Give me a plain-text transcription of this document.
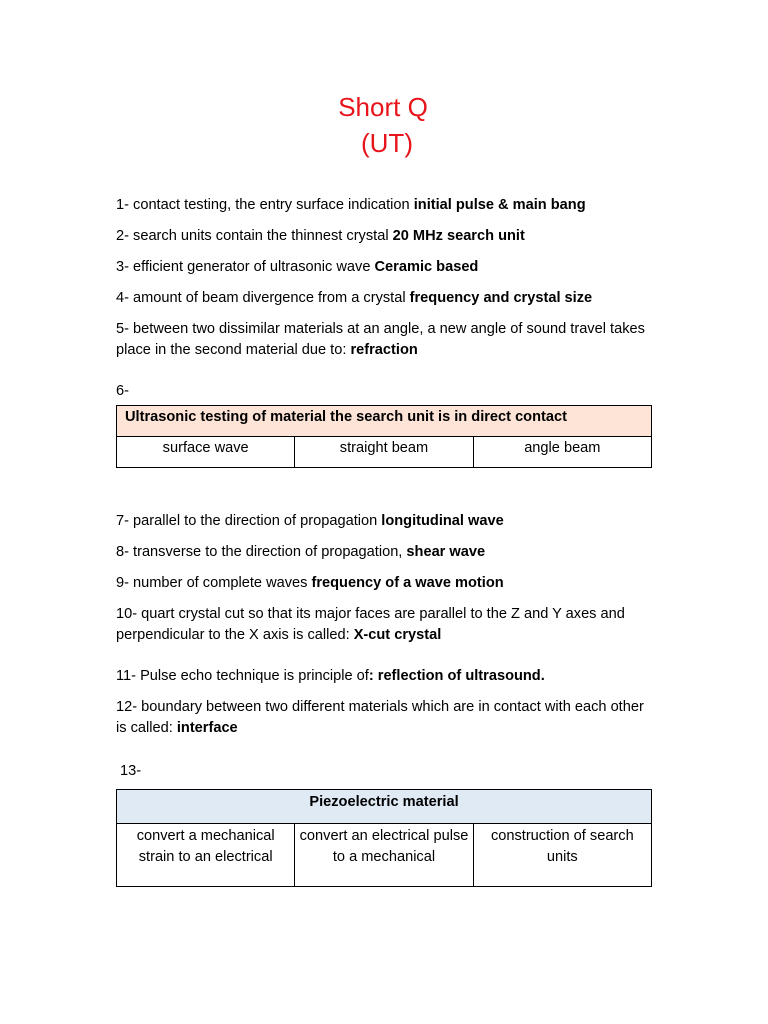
Short Q
(UT)

1- contact testing, the entry surface indication initial pulse & main bang

2- search units contain the thinnest crystal 20 MHz search unit

3- efficient generator of ultrasonic wave Ceramic based

4- amount of beam divergence from a crystal frequency and crystal size

5- between two dissimilar materials at an angle, a new angle of sound travel takes place in the second material due to: refraction

6-

Ultrasonic testing of material the search unit is in direct contact
surface wave	straight beam	angle beam

7- parallel to the direction of propagation longitudinal wave

8- transverse to the direction of propagation, shear wave

9- number of complete waves frequency of a wave motion

10- quart crystal cut so that its major faces are parallel to the Z and Y axes and perpendicular to the X axis is called: X-cut crystal

11- Pulse echo technique is principle of: reflection of ultrasound.

12- boundary between two different materials which are in contact with each other is called: interface

13-

Piezoelectric material
convert a mechanical strain to an electrical	convert an electrical pulse to a mechanical	construction of search units
